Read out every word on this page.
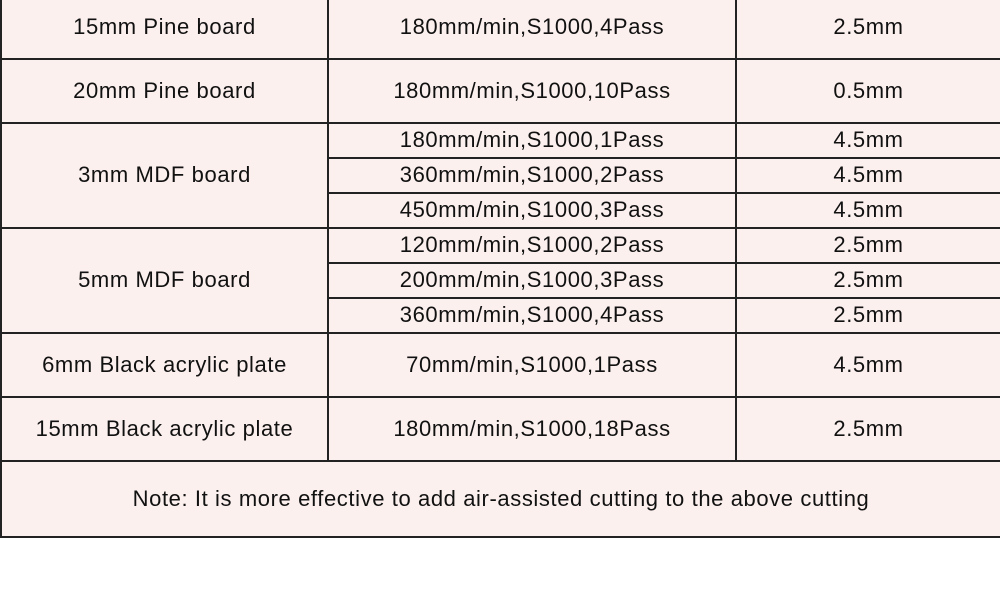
15mm Pine board	180mm/min,S1000,4Pass	2.5mm
20mm Pine board	180mm/min,S1000,10Pass	0.5mm
3mm MDF board	180mm/min,S1000,1Pass	4.5mm
	360mm/min,S1000,2Pass	4.5mm
	450mm/min,S1000,3Pass	4.5mm
5mm MDF board	120mm/min,S1000,2Pass	2.5mm
	200mm/min,S1000,3Pass	2.5mm
	360mm/min,S1000,4Pass	2.5mm
6mm Black acrylic plate	70mm/min,S1000,1Pass	4.5mm
15mm Black acrylic plate	180mm/min,S1000,18Pass	2.5mm
Note: It is more effective to add air-assisted cutting to the above cutting		
